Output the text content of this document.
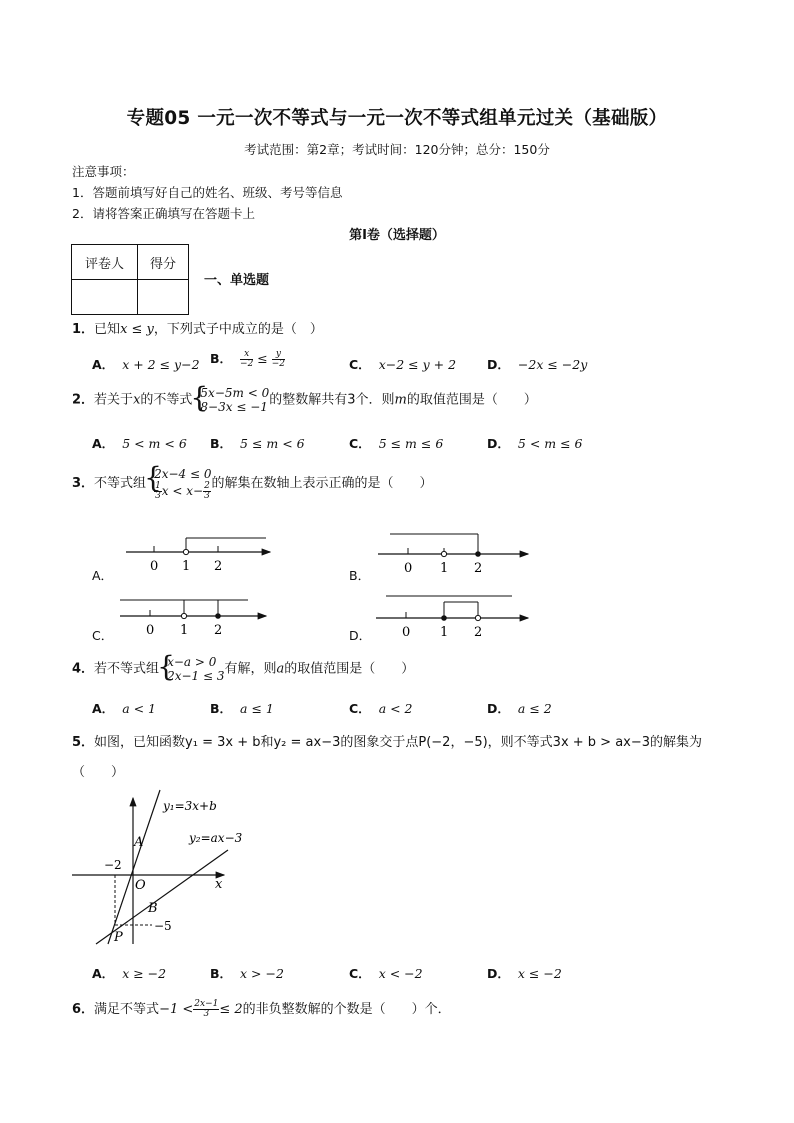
专题05 一元一次不等式与一元一次不等式组单元过关（基础版）
考试范围：第2章；考试时间：120分钟；总分：150分
注意事项：
1．答题前填写好自己的姓名、班级、考号等信息
2．请将答案正确填写在答题卡上
第I卷（选择题）
评卷人	得分

一、单选题
1．已知x ≤ y，下列式子中成立的是（　）
A． x + 2 ≤ y−2 B． $\frac{x}{-2} \le \frac{y}{-2}$	C． x−2 ≤ y + 2 D． −2x ≤ −2y
2．若关于x的不等式 { 5x−5m < 0
8−3x ≤ −1 的整数解共有3个．则m的取值范围是（　　）
A． 5 < m < 6 B． 5 ≤ m < 6	C． 5 ≤ m ≤ 6	D． 5 < m ≤ 6
3．不等式组
{ 2x−4 ≤ 0
$\frac{1}{3}$ $x < x- \frac{2}{3}$ 的解集在数轴上表示正确的是（　　）
A．	B．
C．	D．
0 1 2	0 1 2
0 1 2	0 1 2
y₁=3x+b
y₂=ax−3
x
O
A
B
P
−2
−5
4．若不等式组 { x−a > 0
2x−1 ≤ 3 有解，则a的取值范围是（　　）
A． a < 1	B． a ≤ 1	C． a < 2	D． a ≤ 2
5．如图，已知函数y₁ = 3x + b和y₂ = ax−3的图象交于点P(−2，−5)，则不等式3x + b > ax−3的解集为
（　　）
A． x ≥ −2	B． x > −2	C． x < −2	D． x ≤ −2
6．满足不等式$-1 < \frac{2x-1}{3} \le 2$的非负整数解的个数是（　　）个．
